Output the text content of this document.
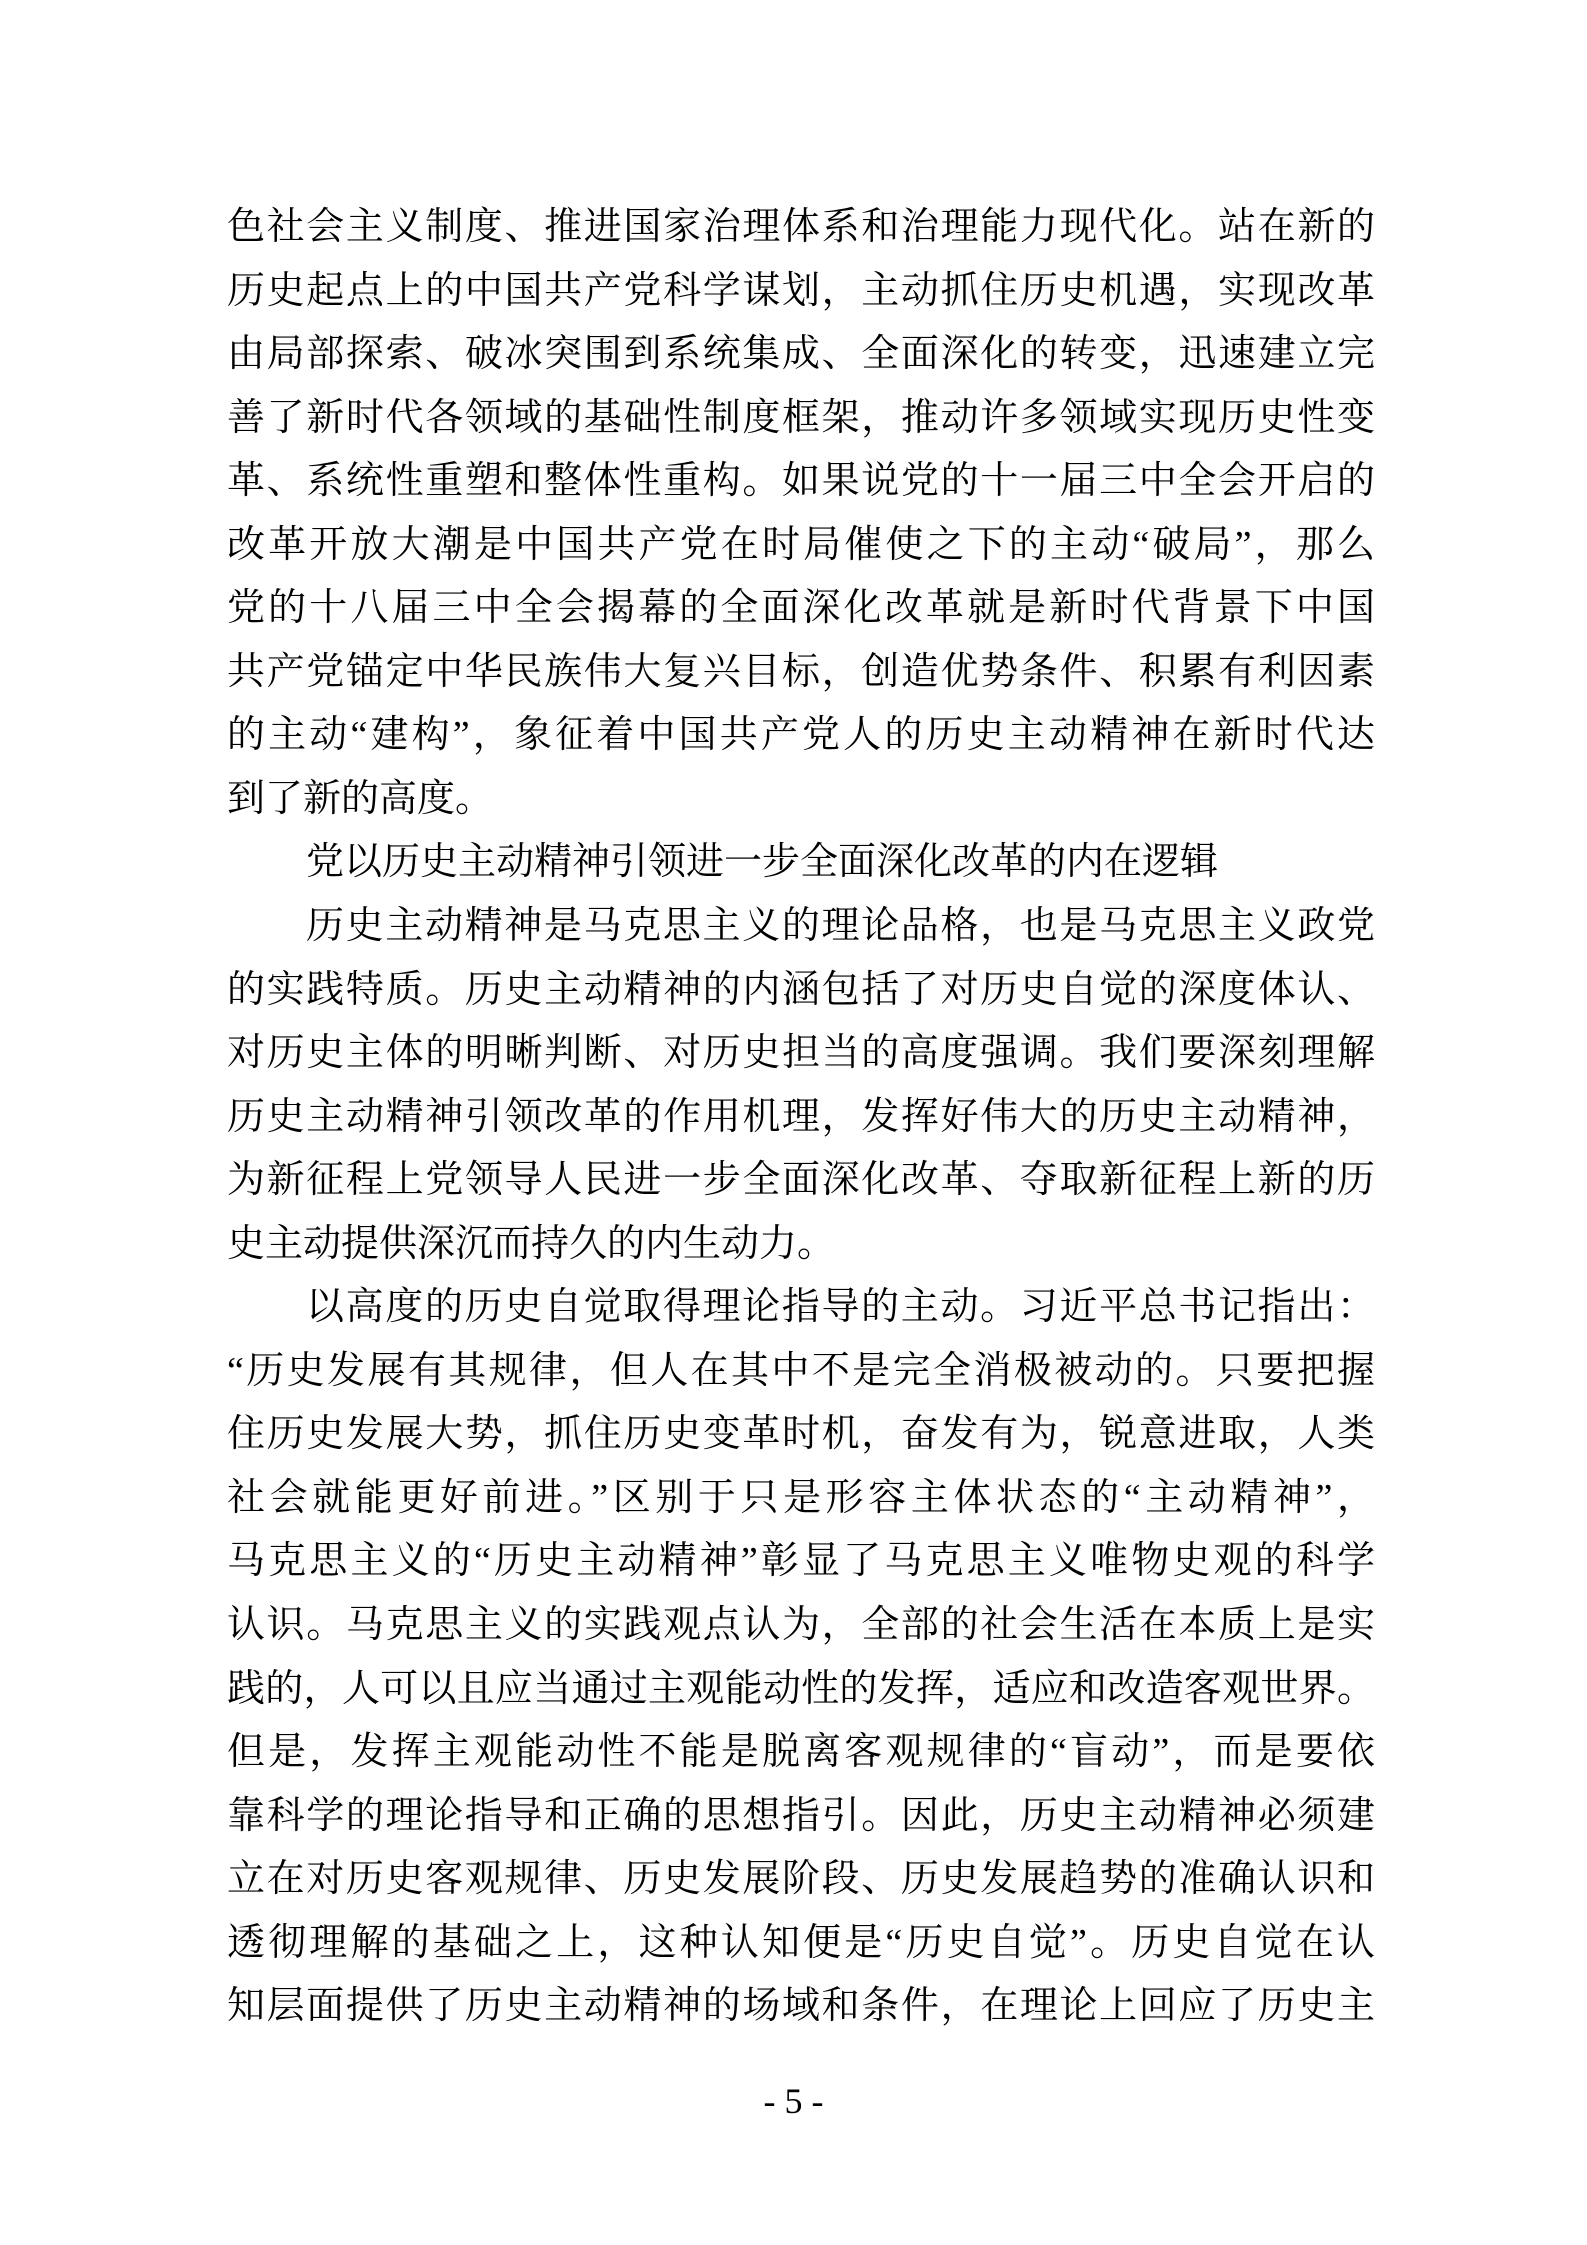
色社会主义制度、推进国家治理体系和治理能力现代化。站在新的
历史起点上的中国共产党科学谋划，主动抓住历史机遇，实现改革
由局部探索、破冰突围到系统集成、全面深化的转变，迅速建立完
善了新时代各领域的基础性制度框架，推动许多领域实现历史性变
革、系统性重塑和整体性重构。如果说党的十一届三中全会开启的
改革开放大潮是中国共产党在时局催使之下的主动“破局”，那么
党的十八届三中全会揭幕的全面深化改革就是新时代背景下中国
共产党锚定中华民族伟大复兴目标，创造优势条件、积累有利因素
的主动“建构”，象征着中国共产党人的历史主动精神在新时代达
到了新的高度。
党以历史主动精神引领进一步全面深化改革的内在逻辑
历史主动精神是马克思主义的理论品格，也是马克思主义政党
的实践特质。历史主动精神的内涵包括了对历史自觉的深度体认、
对历史主体的明晰判断、对历史担当的高度强调。我们要深刻理解
历史主动精神引领改革的作用机理，发挥好伟大的历史主动精神，
为新征程上党领导人民进一步全面深化改革、夺取新征程上新的历
史主动提供深沉而持久的内生动力。
以高度的历史自觉取得理论指导的主动。习近平总书记指出：
“历史发展有其规律，但人在其中不是完全消极被动的。只要把握
住历史发展大势，抓住历史变革时机，奋发有为，锐意进取，人类
社会就能更好前进。”区别于只是形容主体状态的“主动精神”，
马克思主义的“历史主动精神”彰显了马克思主义唯物史观的科学
认识。马克思主义的实践观点认为，全部的社会生活在本质上是实
践的，人可以且应当通过主观能动性的发挥，适应和改造客观世界。
但是，发挥主观能动性不能是脱离客观规律的“盲动”，而是要依
靠科学的理论指导和正确的思想指引。因此，历史主动精神必须建
立在对历史客观规律、历史发展阶段、历史发展趋势的准确认识和
透彻理解的基础之上，这种认知便是“历史自觉”。历史自觉在认
知层面提供了历史主动精神的场域和条件，在理论上回应了历史主
- 5 -
